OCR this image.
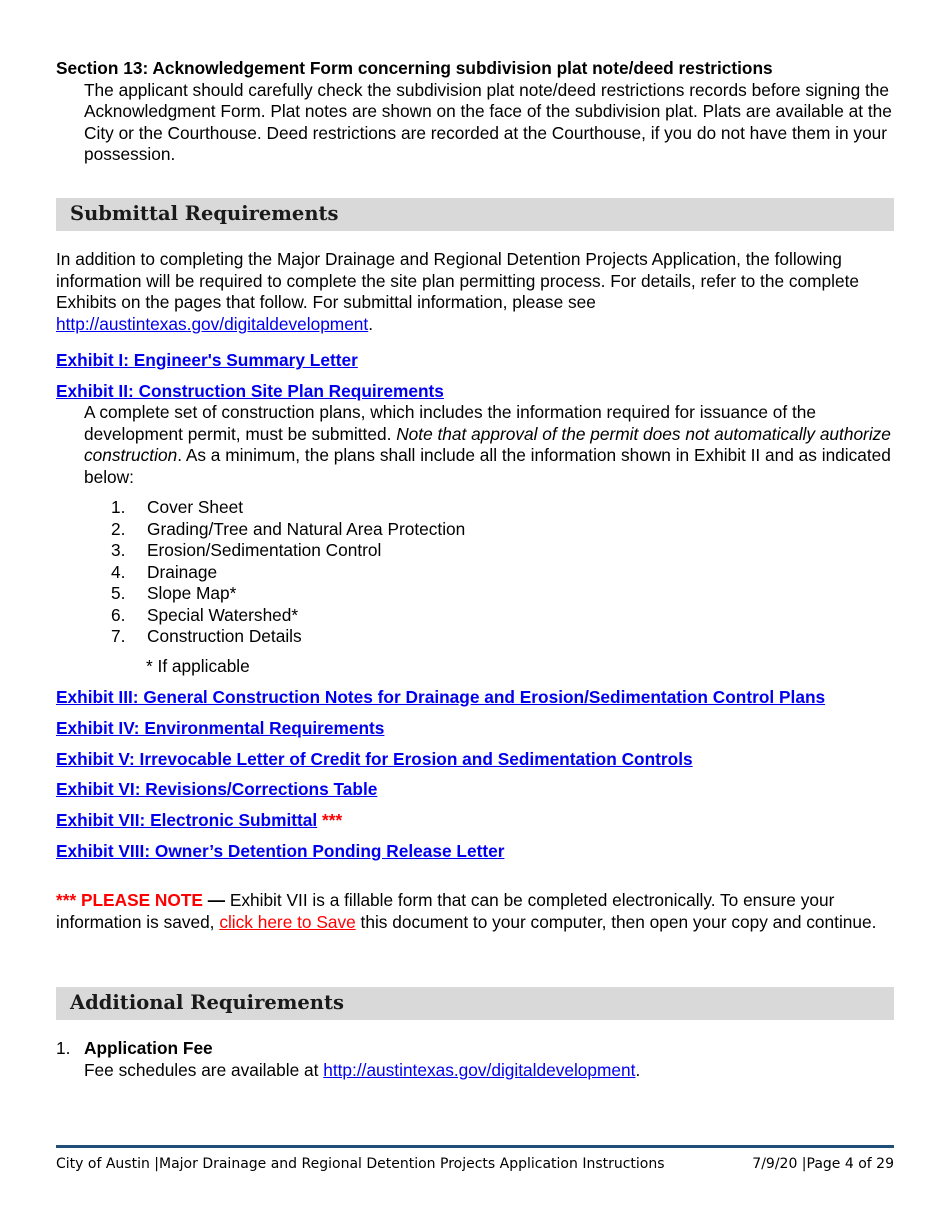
Section 13: Acknowledgement Form concerning subdivision plat note/deed restrictions
The applicant should carefully check the subdivision plat note/deed restrictions records before signing the Acknowledgment Form. Plat notes are shown on the face of the subdivision plat. Plats are available at the City or the Courthouse. Deed restrictions are recorded at the Courthouse, if you do not have them in your possession.
Submittal Requirements
In addition to completing the Major Drainage and Regional Detention Projects Application, the following information will be required to complete the site plan permitting process. For details, refer to the complete Exhibits on the pages that follow. For submittal information, please see
http://austintexas.gov/digitaldevelopment.
Exhibit I: Engineer's Summary Letter
Exhibit II: Construction Site Plan Requirements
A complete set of construction plans, which includes the information required for issuance of the development permit, must be submitted. Note that approval of the permit does not automatically authorize construction. As a minimum, the plans shall include all the information shown in Exhibit II and as indicated below:
1. Cover Sheet
2. Grading/Tree and Natural Area Protection
3. Erosion/Sedimentation Control
4. Drainage
5. Slope Map*
6. Special Watershed*
7. Construction Details
* If applicable
Exhibit III: General Construction Notes for Drainage and Erosion/Sedimentation Control Plans
Exhibit IV: Environmental Requirements
Exhibit V: Irrevocable Letter of Credit for Erosion and Sedimentation Controls
Exhibit VI: Revisions/Corrections Table
Exhibit VII: Electronic Submittal ***
Exhibit VIII: Owner’s Detention Ponding Release Letter
*** PLEASE NOTE — Exhibit VII is a fillable form that can be completed electronically. To ensure your information is saved, click here to Save this document to your computer, then open your copy and continue.
Additional Requirements
1. Application Fee
Fee schedules are available at http://austintexas.gov/digitaldevelopment.
City of Austin |Major Drainage and Regional Detention Projects Application Instructions	7/9/20 |Page 4 of 29
